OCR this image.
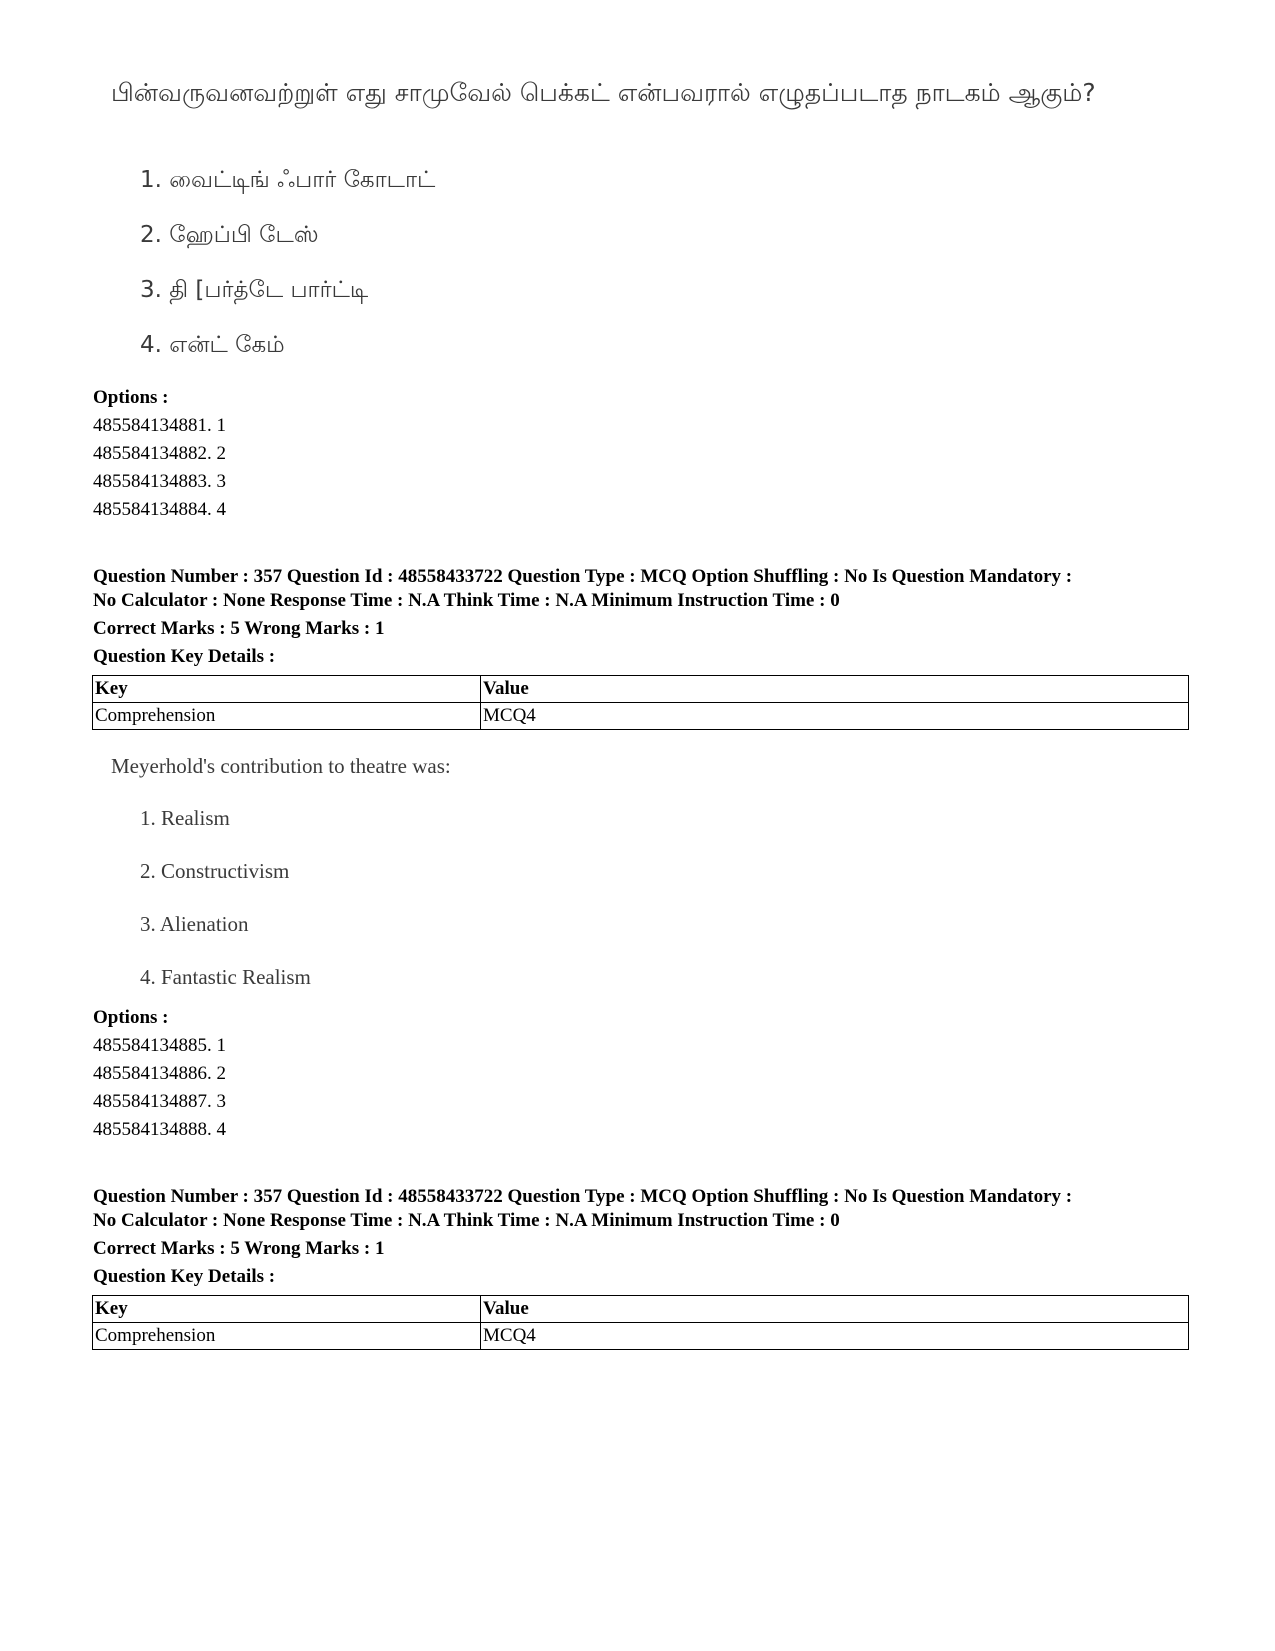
பின்வருவனவற்றுள் எது சாமுவேல் பெக்கட் என்பவரால் எழுதப்படாத நாடகம் ஆகும்?
1. வைட்டிங் ஃபார் கோடாட்
2. ஹேப்பி டேஸ்
3. தி [பர்த்டே பார்ட்டி
4. என்ட் கேம்
Options :
485584134881. 1
485584134882. 2
485584134883. 3
485584134884. 4
Question Number : 357 Question Id : 48558433722 Question Type : MCQ Option Shuffling : No Is Question Mandatory :
No Calculator : None Response Time : N.A Think Time : N.A Minimum Instruction Time : 0
Correct Marks : 5 Wrong Marks : 1
Question Key Details :
Key	Value
Comprehension	MCQ4
Meyerhold's contribution to theatre was:
1. Realism
2. Constructivism
3. Alienation
4. Fantastic Realism
Options :
485584134885. 1
485584134886. 2
485584134887. 3
485584134888. 4
Question Number : 357 Question Id : 48558433722 Question Type : MCQ Option Shuffling : No Is Question Mandatory :
No Calculator : None Response Time : N.A Think Time : N.A Minimum Instruction Time : 0
Correct Marks : 5 Wrong Marks : 1
Question Key Details :
Key	Value
Comprehension	MCQ4
